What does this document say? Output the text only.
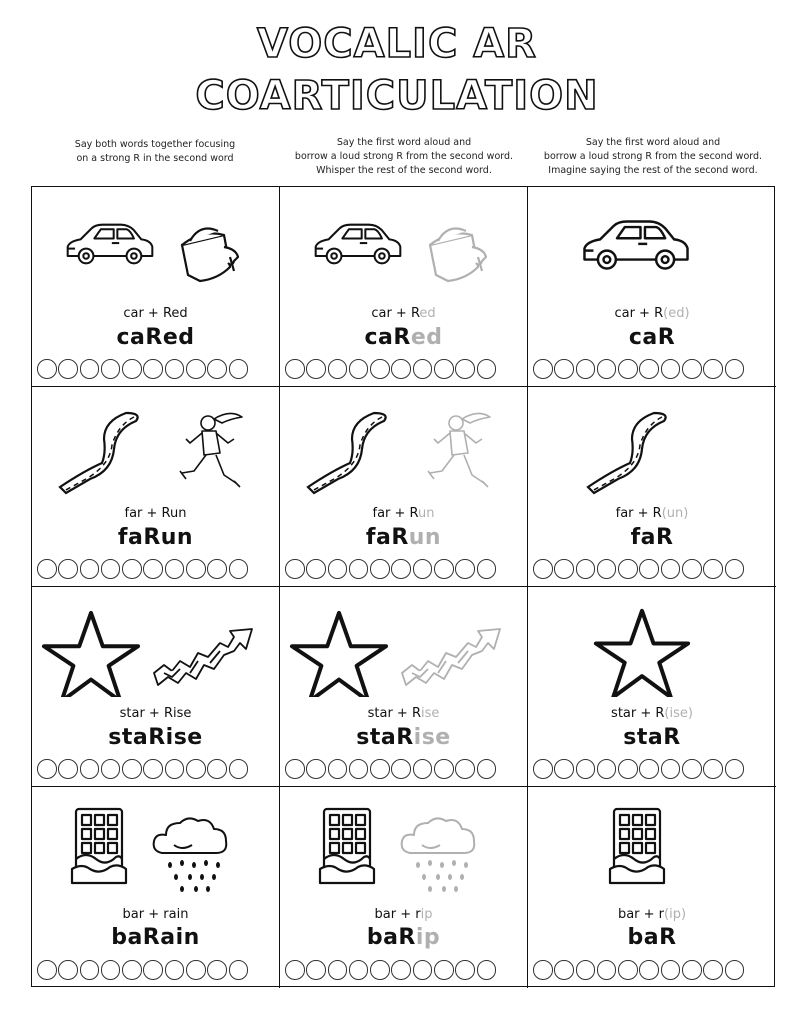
VOCALIC AR
COARTICULATION
Say both words together focusing
on a strong R in the second word
Say the first word aloud and
borrow a loud strong R from the second word.
Whisper the rest of the second word.
Say the first word aloud and
borrow a loud strong R from the second word.
Imagine saying the rest of the second word.
car + Red
caRed
car + Red
caRed
car + R(ed)
caR
far + Run
faRun
far + Run
faRun
far + R(un)
faR
star + Rise
staRise
star + Rise
staRise
star + R(ise)
staR
bar + rain
baRain
bar + rip
baRip
bar + r(ip)
baR
